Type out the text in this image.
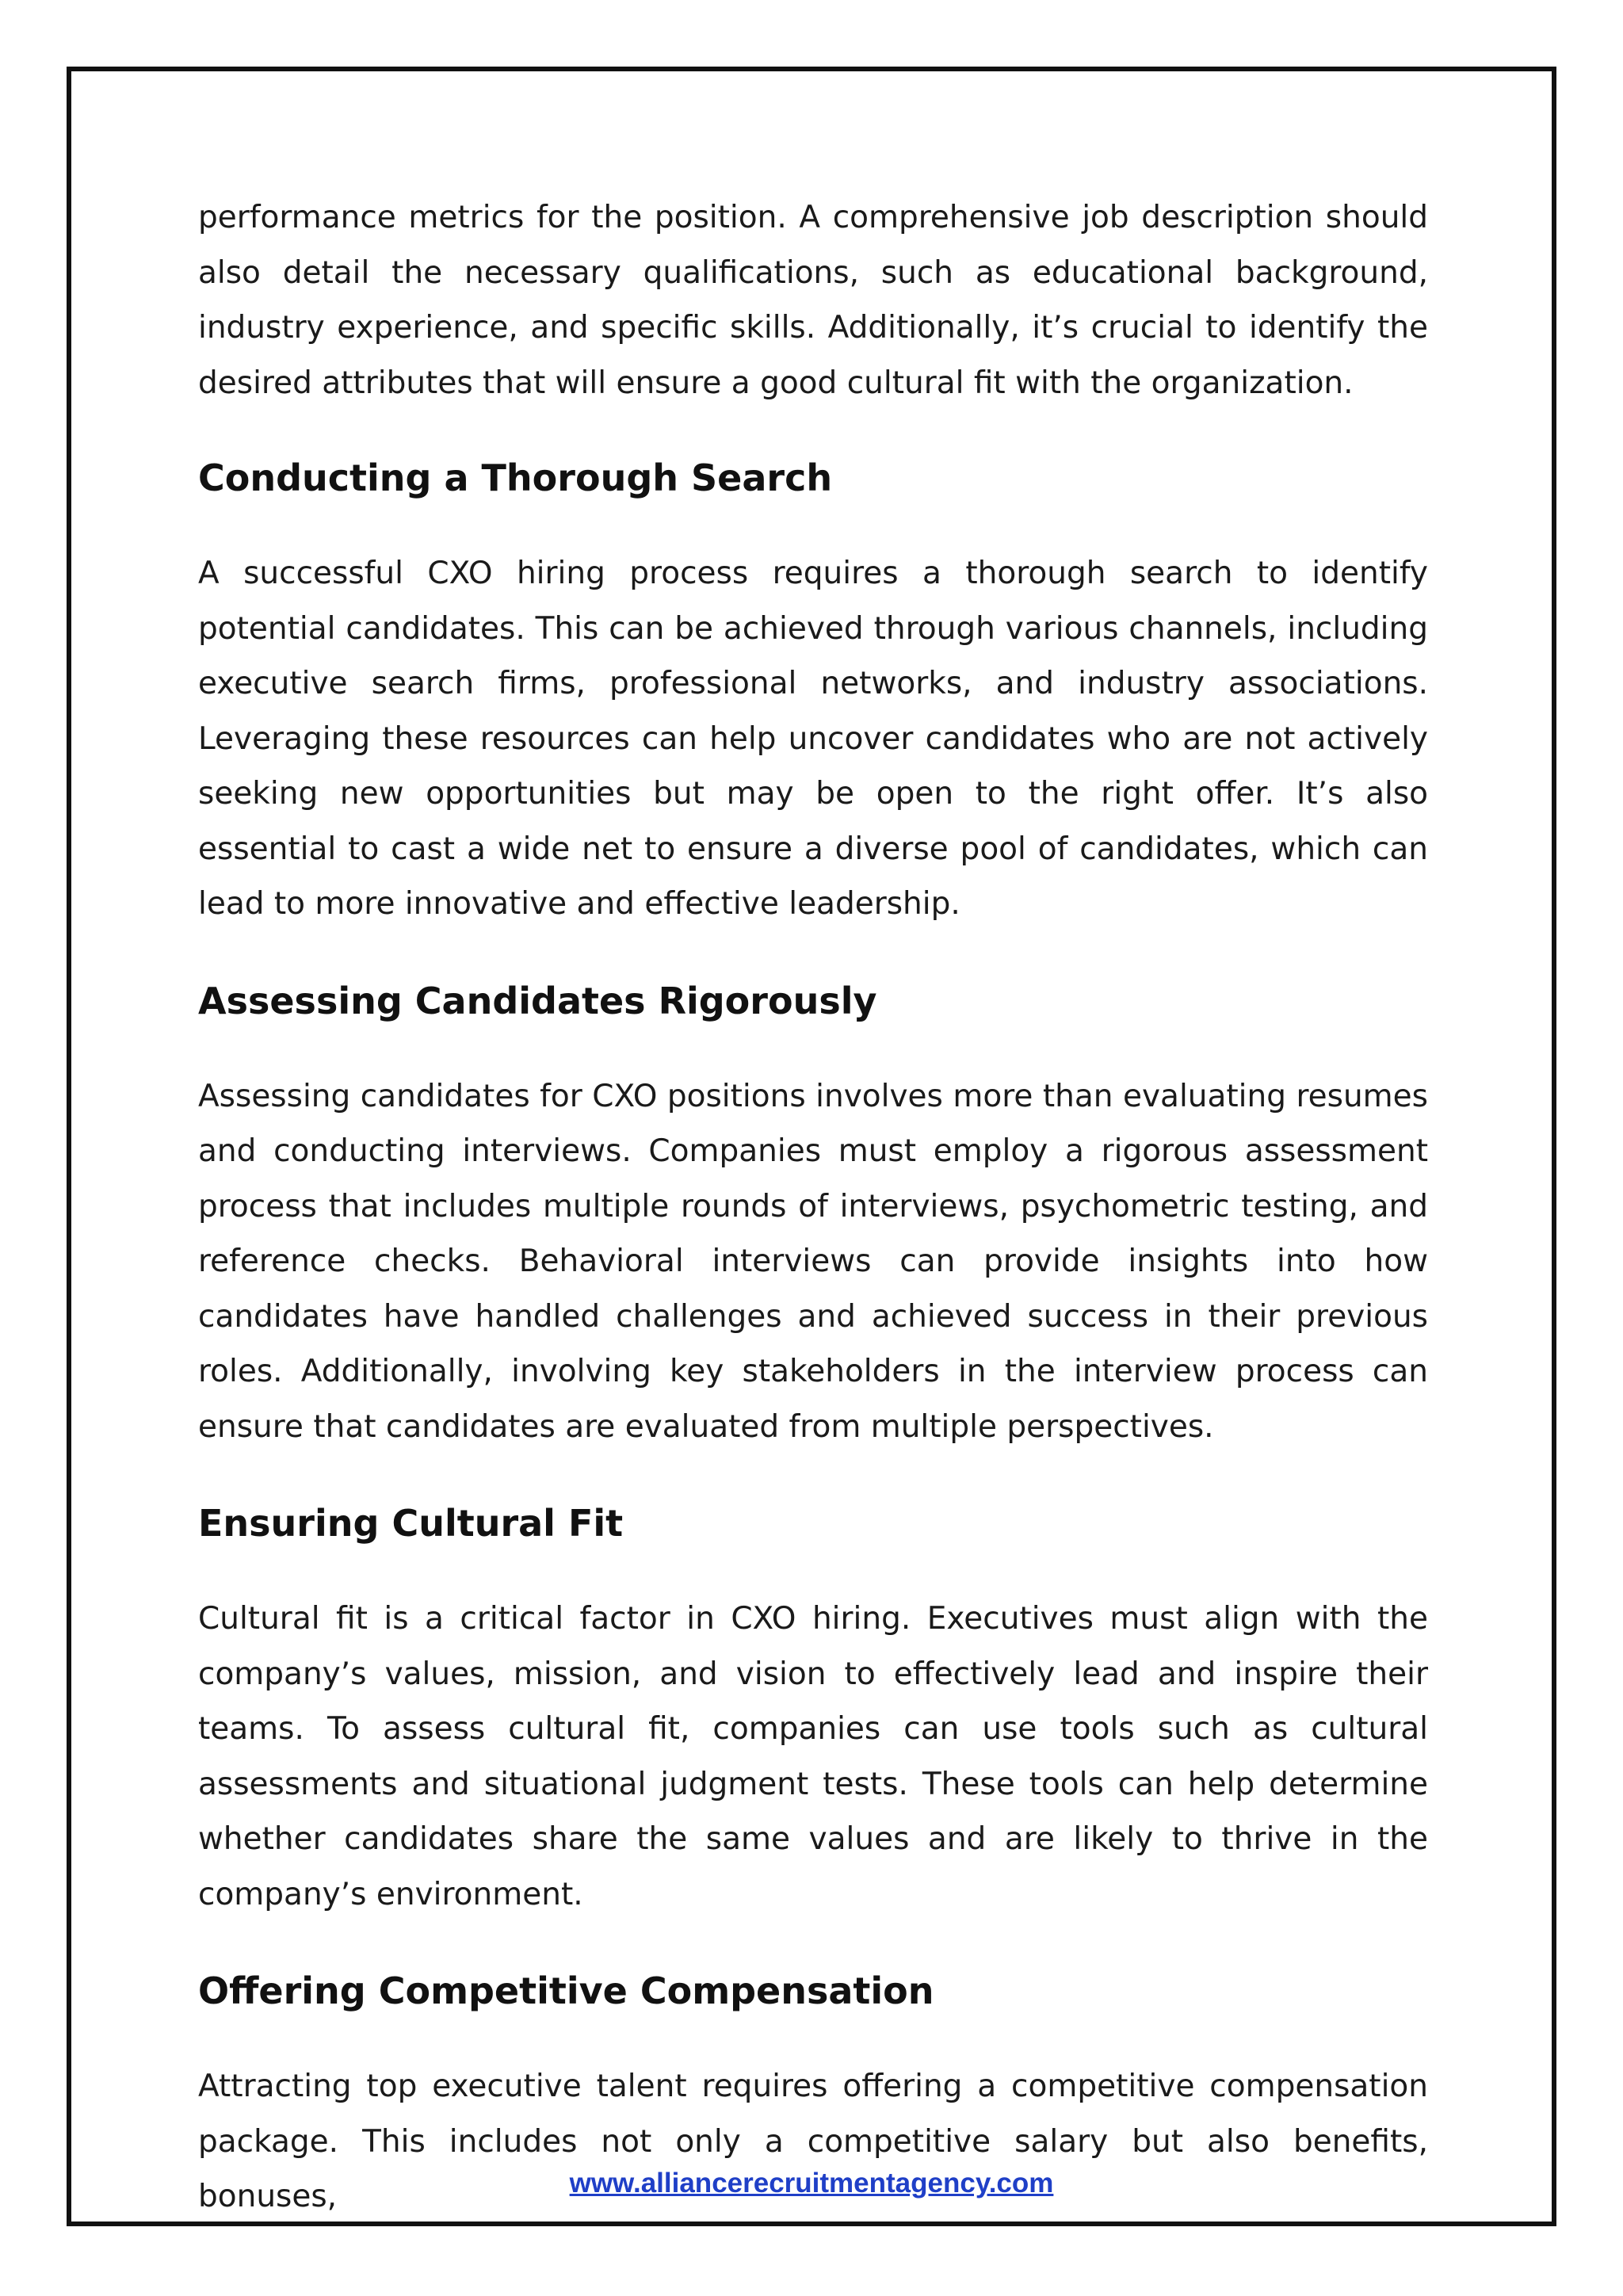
performance metrics for the position. A comprehensive job description should also detail the necessary qualifications, such as educational background, industry experience, and specific skills. Additionally, it’s crucial to identify the desired attributes that will ensure a good cultural fit with the organization.

Conducting a Thorough Search

A successful CXO hiring process requires a thorough search to identify potential candidates. This can be achieved through various channels, including executive search firms, professional networks, and industry associations. Leveraging these resources can help uncover candidates who are not actively seeking new opportunities but may be open to the right offer. It’s also essential to cast a wide net to ensure a diverse pool of candidates, which can lead to more innovative and effective leadership.

Assessing Candidates Rigorously

Assessing candidates for CXO positions involves more than evaluating resumes and conducting interviews. Companies must employ a rigorous assessment process that includes multiple rounds of interviews, psychometric testing, and reference checks. Behavioral interviews can provide insights into how candidates have handled challenges and achieved success in their previous roles. Additionally, involving key stakeholders in the interview process can ensure that candidates are evaluated from multiple perspectives.

Ensuring Cultural Fit

Cultural fit is a critical factor in CXO hiring. Executives must align with the company’s values, mission, and vision to effectively lead and inspire their teams. To assess cultural fit, companies can use tools such as cultural assessments and situational judgment tests. These tools can help determine whether candidates share the same values and are likely to thrive in the company’s environment.

Offering Competitive Compensation

Attracting top executive talent requires offering a competitive compensation package. This includes not only a competitive salary but also benefits, bonuses,	www.alliancerecruitmentagency.com
